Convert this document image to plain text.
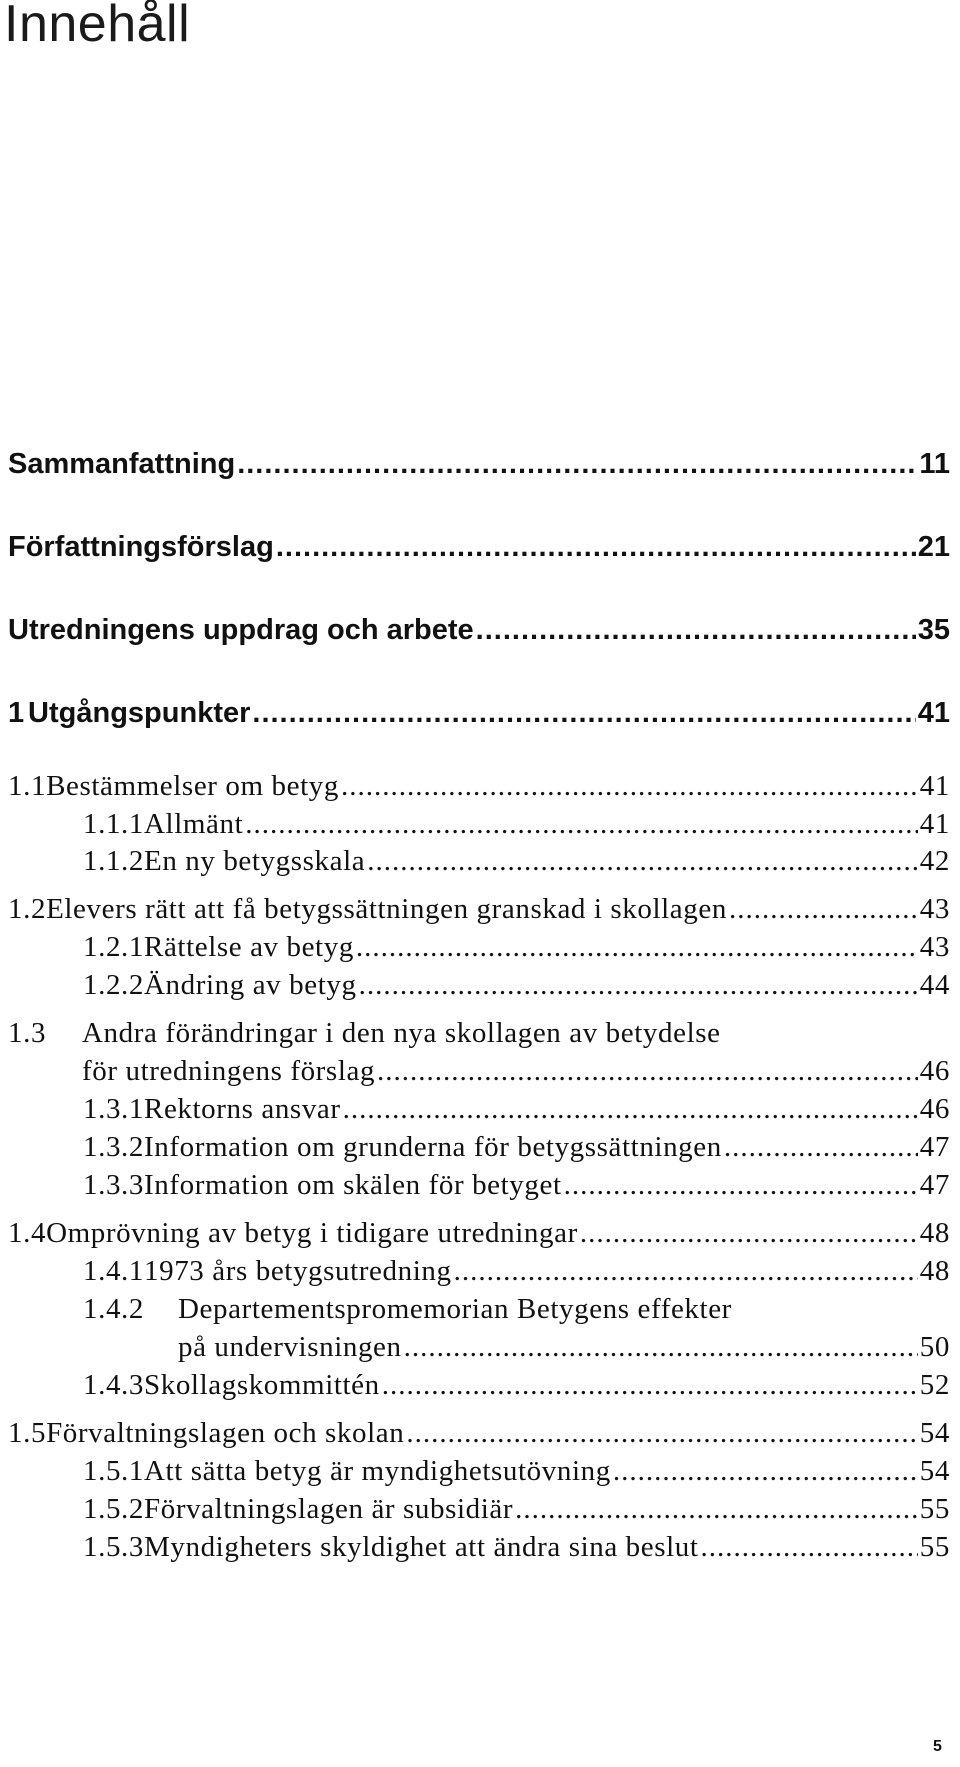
Innehåll
Sammanfattning .....	11
Författningsförslag .....	21
Utredningens uppdrag och arbete .....	35
1 Utgångspunkter .....	41
1.1 Bestämmelser om betyg .....	41
1.1.1 Allmänt .....	41
1.1.2 En ny betygsskala .....	42
1.2 Elevers rätt att få betygssättningen granskad i skollagen .....	43
1.2.1 Rättelse av betyg .....	43
1.2.2 Ändring av betyg .....	44
1.3 Andra förändringar i den nya skollagen av betydelse
för utredningens förslag .....	46
1.3.1 Rektorns ansvar .....	46
1.3.2 Information om grunderna för betygssättningen .....	47
1.3.3 Information om skälen för betyget .....	47
1.4 Omprövning av betyg i tidigare utredningar .....	48
1.4.1 1973 års betygsutredning .....	48
1.4.2 Departementspromemorian Betygens effekter
på undervisningen .....	50
1.4.3 Skollagskommittén .....	52
1.5 Förvaltningslagen och skolan .....	54
1.5.1 Att sätta betyg är myndighetsutövning .....	54
1.5.2 Förvaltningslagen är subsidiär .....	55
1.5.3 Myndigheters skyldighet att ändra sina beslut .....	55
5
